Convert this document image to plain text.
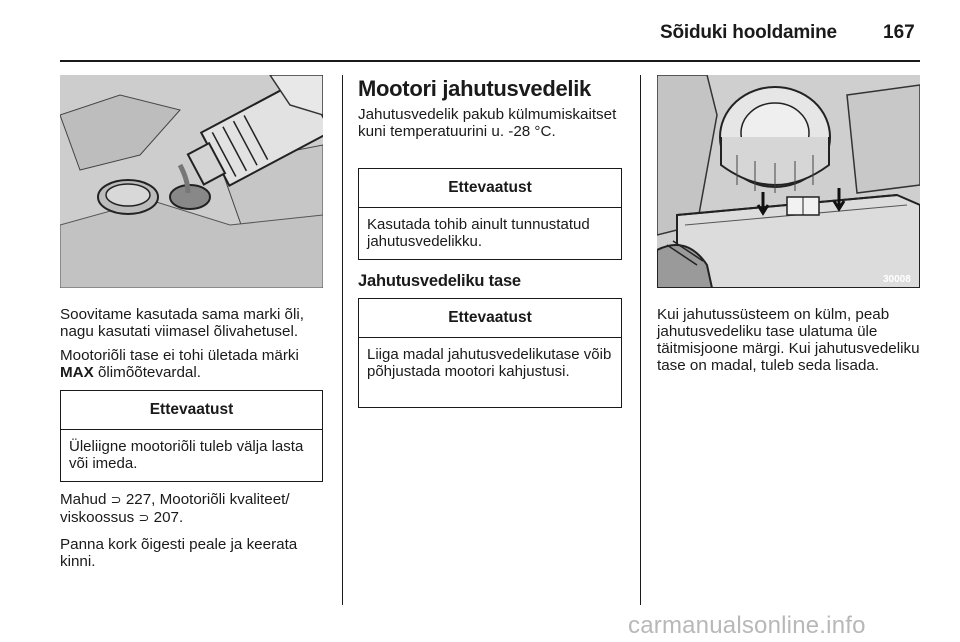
Sõiduki hooldamine 167

Soovitame kasutada sama marki õli, nagu kasutati viimasel õlivahetusel.

Mootoriõli tase ei tohi ületada märki MAX õlimõõtevardal.

Ettevaatust
Üleliigne mootoriõli tuleb välja lasta või imeda.

Mahud ⊃ 227, Mootoriõli kvaliteet/ viskoossus ⊃ 207.

Panna kork õigesti peale ja keerata kinni.

Mootori jahutusvedelik

Jahutusvedelik pakub külmumiskaitset kuni temperatuurini u. -28 °C.

Ettevaatust
Kasutada tohib ainult tunnustatud jahutusvedelikku.
Jahutusvedeliku tase
Ettevaatust
Liiga madal jahutusvedelikutase võib põhjustada mootori kahjustusi.
30008

Kui jahutussüsteem on külm, peab jahutusvedeliku tase ulatuma üle täitmisjoone märgi. Kui jahutusvedeliku tase on madal, tuleb seda lisada.

carmanualsonline.info
